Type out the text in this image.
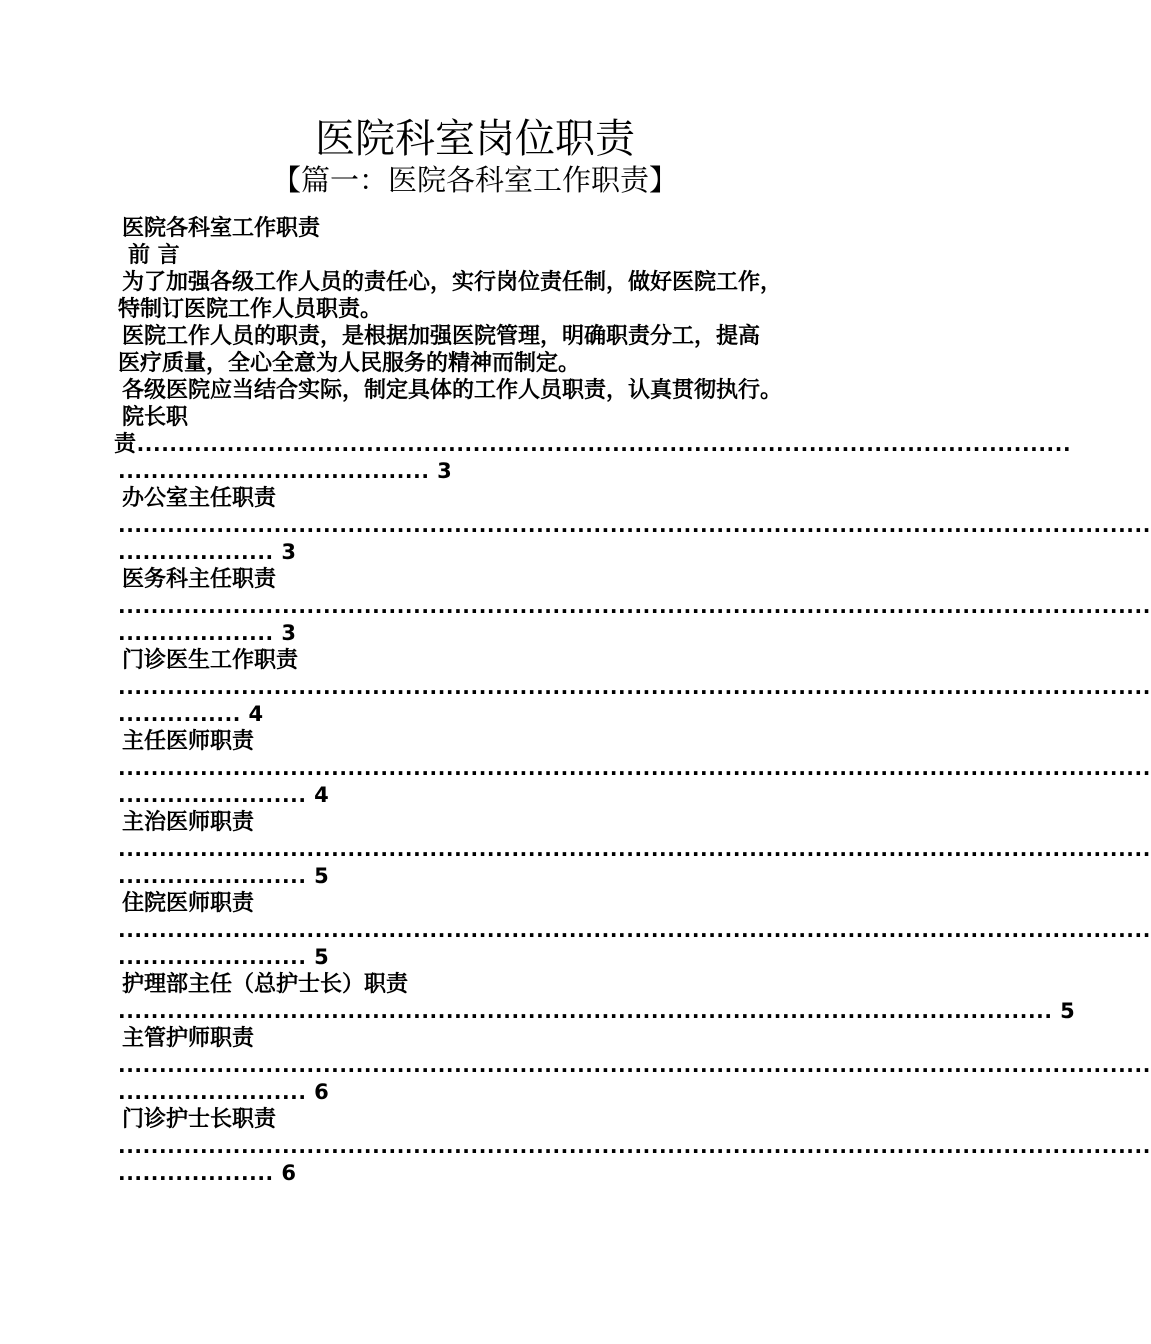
医院科室岗位职责
【篇一：医院各科室工作职责】
医院各科室工作职责
前 言
为了加强各级工作人员的责任心，实行岗位责任制，做好医院工作，
特制订医院工作人员职责。
医院工作人员的职责，是根据加强医院管理，明确职责分工，提高
医疗质量，全心全意为人民服务的精神而制定。
各级医院应当结合实际，制定具体的工作人员职责，认真贯彻执行。
院长职
责..................................................................................................................
...................................... 3
办公室主任职责
..............................................................................................................................
................... 3
医务科主任职责
..............................................................................................................................
................... 3
门诊医生工作职责
..............................................................................................................................
............... 4
主任医师职责
..............................................................................................................................
....................... 4
主治医师职责
..............................................................................................................................
....................... 5
住院医师职责
..............................................................................................................................
....................... 5
护理部主任（总护士长）职责
.................................................................................................................. 5
主管护师职责
..............................................................................................................................
....................... 6
门诊护士长职责
..............................................................................................................................
................... 6
